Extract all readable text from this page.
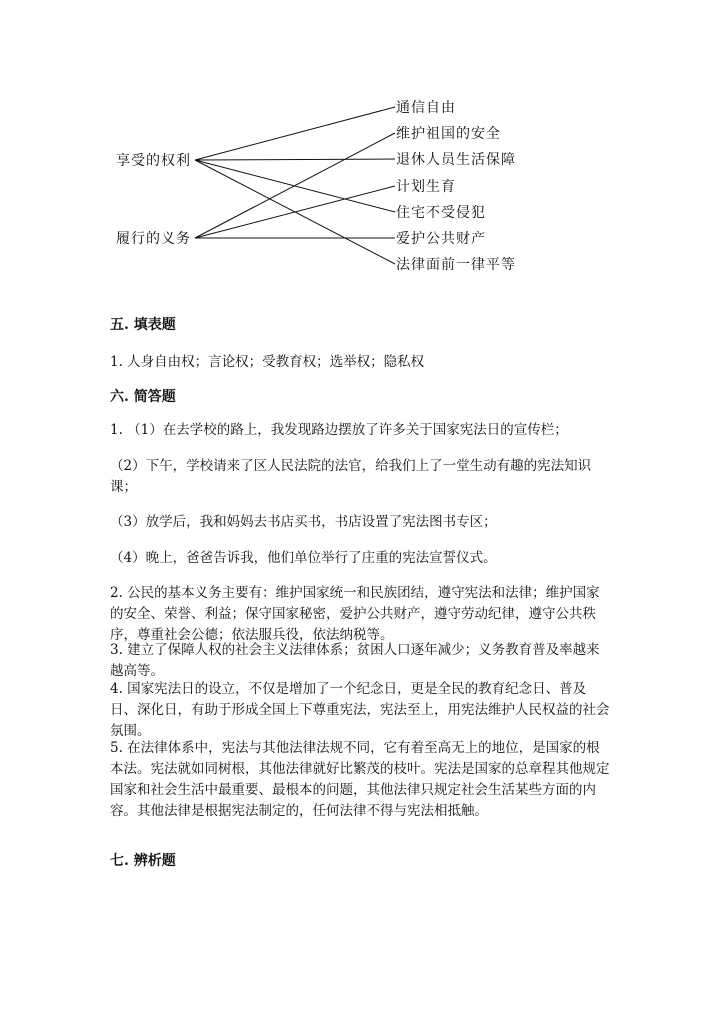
享受的权利
履行的义务
通信自由
维护祖国的安全
退休人员生活保障
计划生育
住宅不受侵犯
爱护公共财产
法律面前一律平等
五. 填表题
1. 人身自由权；言论权；受教育权；选举权；隐私权
六. 简答题
1. （1）在去学校的路上，我发现路边摆放了许多关于国家宪法日的宣传栏；
（2）下午，学校请来了区人民法院的法官，给我们上了一堂生动有趣的宪法知识课；
（3）放学后，我和妈妈去书店买书，书店设置了宪法图书专区；
（4）晚上，爸爸告诉我，他们单位举行了庄重的宪法宣誓仪式。
2. 公民的基本义务主要有：维护国家统一和民族团结，遵守宪法和法律；维护国家的安全、荣誉、利益；保守国家秘密，爱护公共财产，遵守劳动纪律，遵守公共秩序，尊重社会公德；依法服兵役，依法纳税等。
3. 建立了保障人权的社会主义法律体系；贫困人口逐年减少；义务教育普及率越来越高等。
4. 国家宪法日的设立，不仅是增加了一个纪念日，更是全民的教育纪念日、普及日、深化日，有助于形成全国上下尊重宪法，宪法至上，用宪法维护人民权益的社会氛围。
5. 在法律体系中，宪法与其他法律法规不同，它有着至高无上的地位，是国家的根本法。宪法就如同树根，其他法律就好比繁茂的枝叶。宪法是国家的总章程其他规定国家和社会生活中最重要、最根本的问题，其他法律只规定社会生活某些方面的内容。其他法律是根据宪法制定的，任何法律不得与宪法相抵触。
七. 辨析题
